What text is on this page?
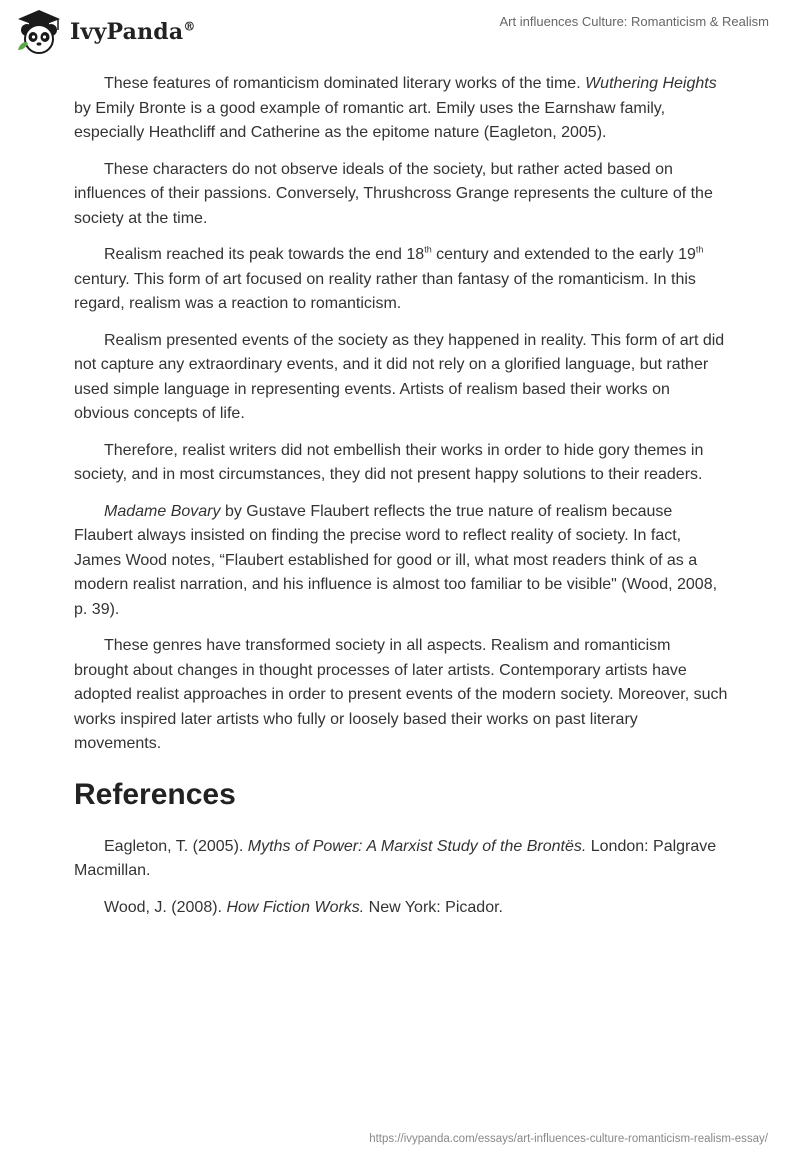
IvyPanda®	Art influences Culture: Romanticism & Realism

These features of romanticism dominated literary works of the time. Wuthering Heights by Emily Bronte is a good example of romantic art. Emily uses the Earnshaw family, especially Heathcliff and Catherine as the epitome nature (Eagleton, 2005).

These characters do not observe ideals of the society, but rather acted based on influences of their passions. Conversely, Thrushcross Grange represents the culture of the society at the time.

Realism reached its peak towards the end 18th century and extended to the early 19th century. This form of art focused on reality rather than fantasy of the romanticism. In this regard, realism was a reaction to romanticism.

Realism presented events of the society as they happened in reality. This form of art did not capture any extraordinary events, and it did not rely on a glorified language, but rather used simple language in representing events. Artists of realism based their works on obvious concepts of life.

Therefore, realist writers did not embellish their works in order to hide gory themes in society, and in most circumstances, they did not present happy solutions to their readers.

Madame Bovary by Gustave Flaubert reflects the true nature of realism because Flaubert always insisted on finding the precise word to reflect reality of society. In fact, James Wood notes, “Flaubert established for good or ill, what most readers think of as a modern realist narration, and his influence is almost too familiar to be visible" (Wood, 2008, p. 39).

These genres have transformed society in all aspects. Realism and romanticism brought about changes in thought processes of later artists. Contemporary artists have adopted realist approaches in order to present events of the modern society. Moreover, such works inspired later artists who fully or loosely based their works on past literary movements.

References

Eagleton, T. (2005). Myths of Power: A Marxist Study of the Brontës. London: Palgrave Macmillan.

Wood, J. (2008). How Fiction Works. New York: Picador.

https://ivypanda.com/essays/art-influences-culture-romanticism-realism-essay/
